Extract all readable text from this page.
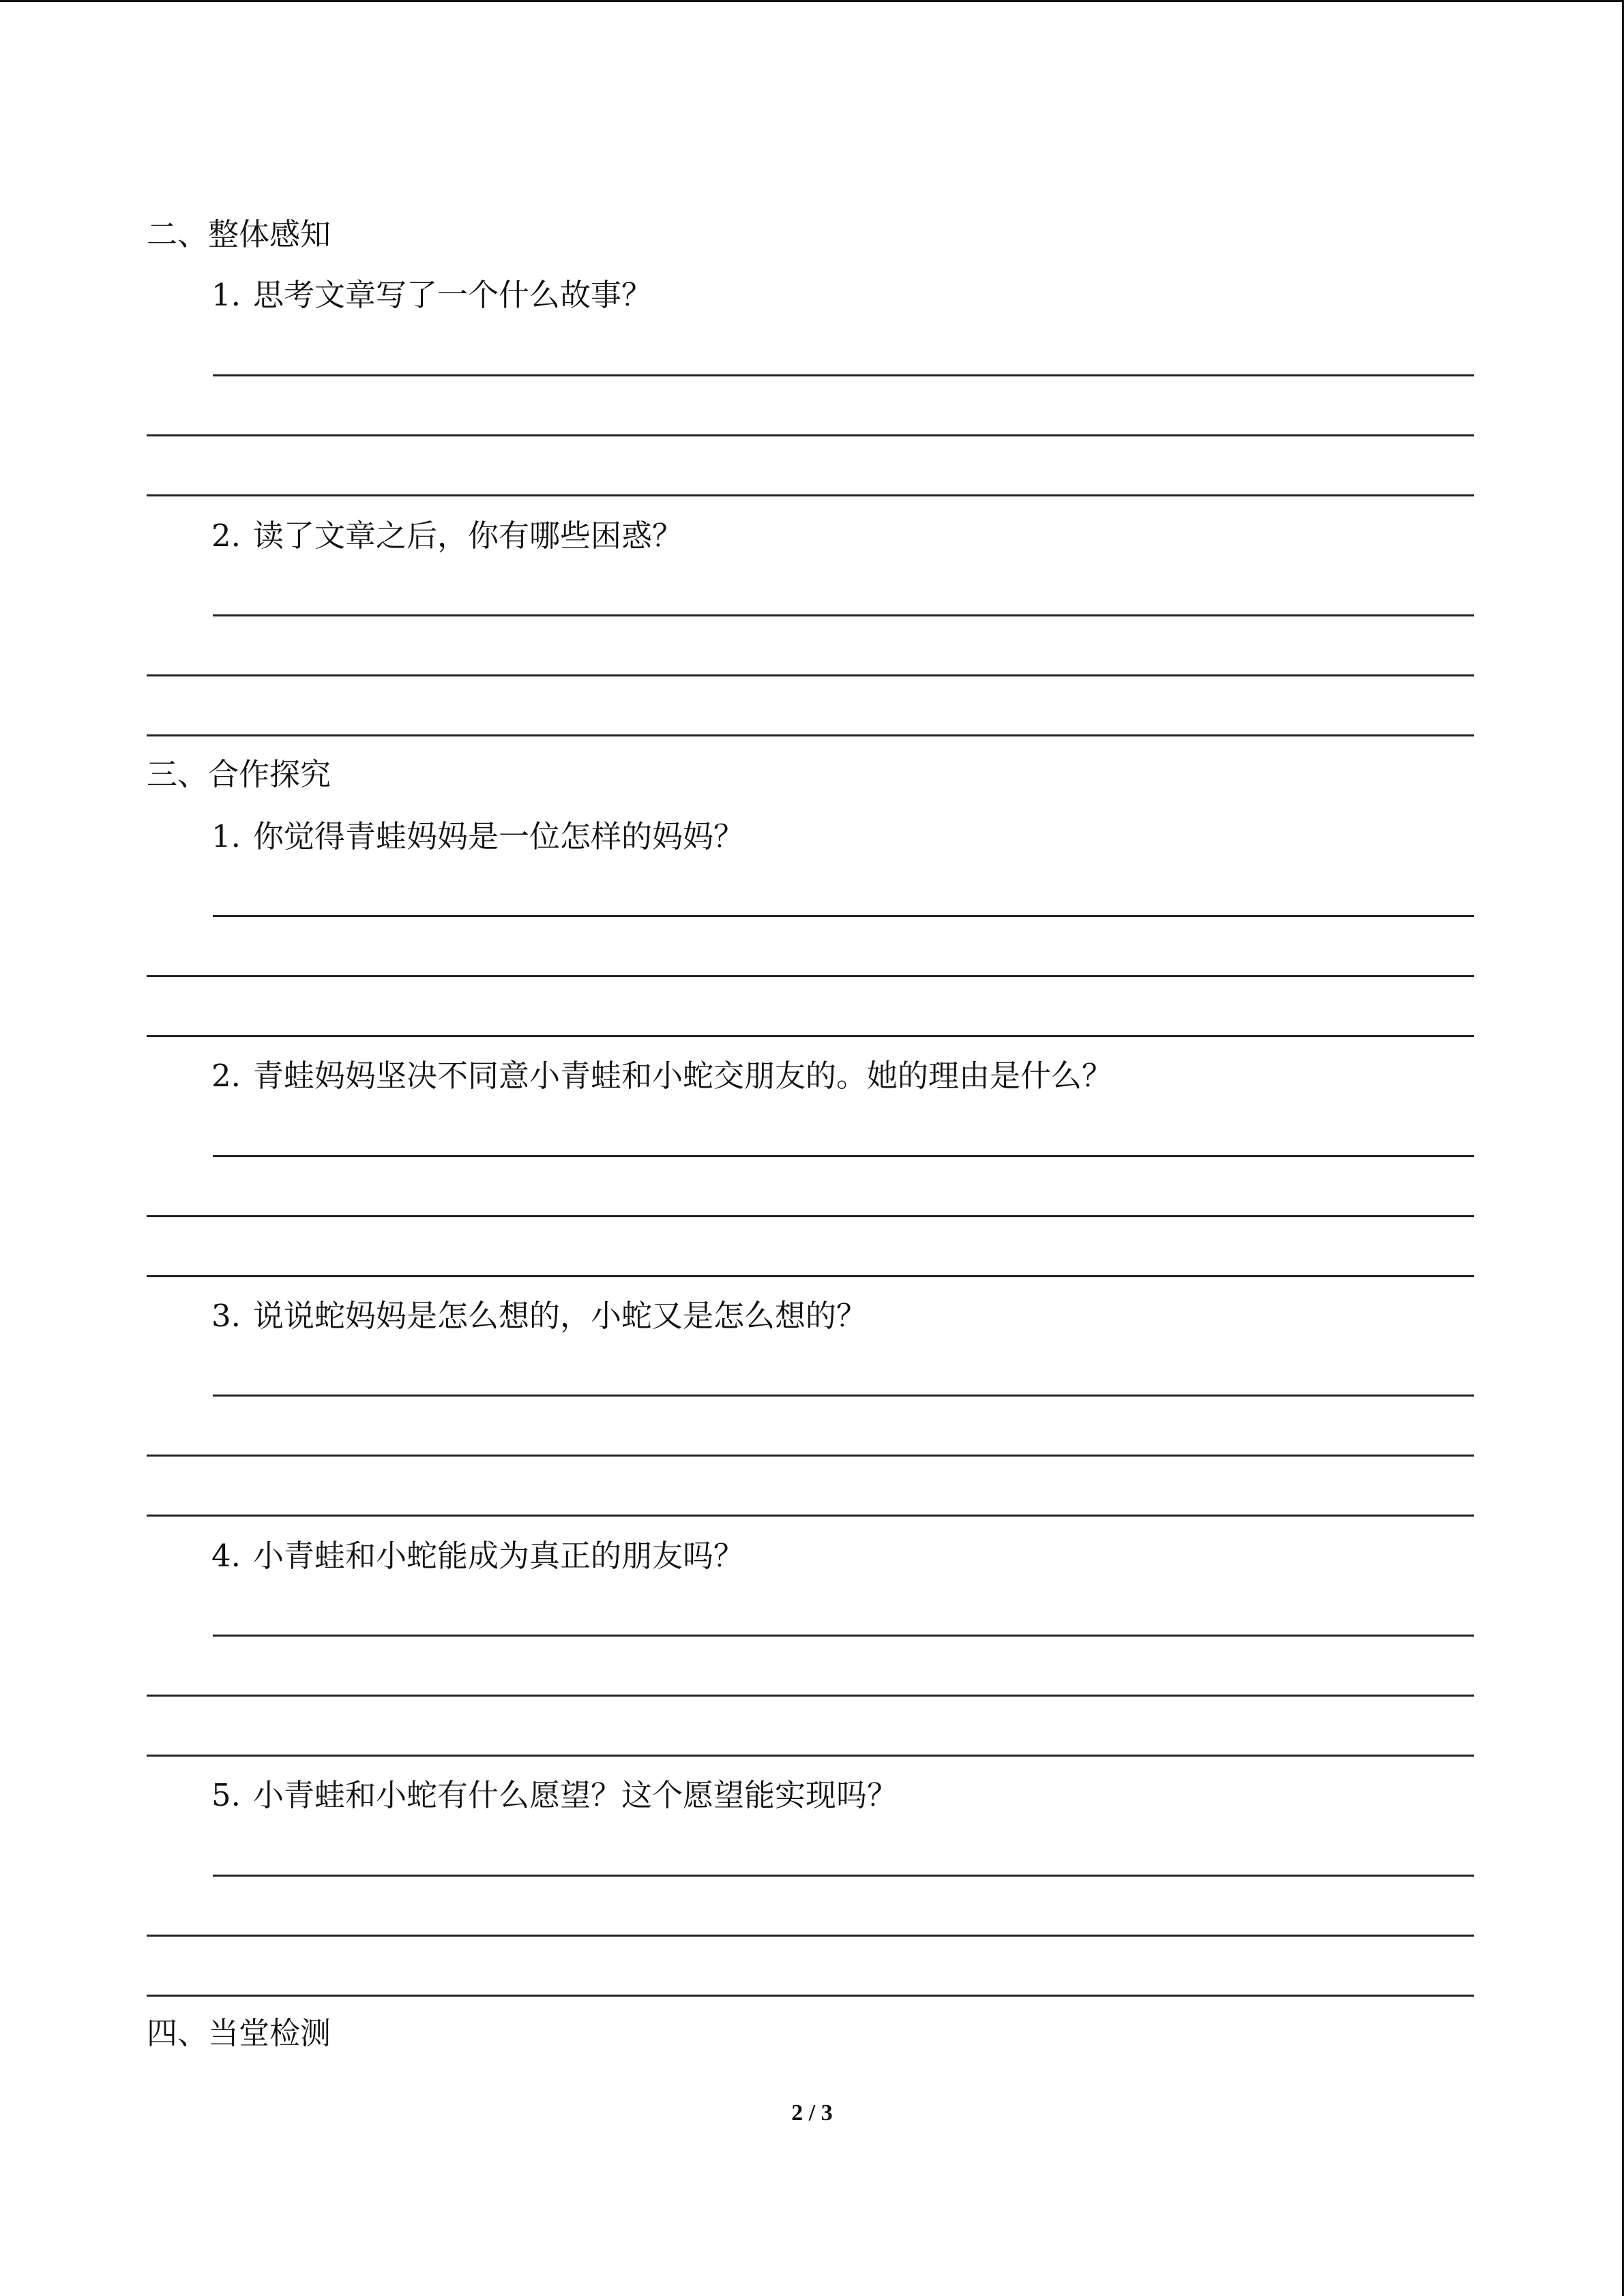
二、整体感知
1. 思考文章写了一个什么故事？
2. 读了文章之后，你有哪些困惑？
三、合作探究
1. 你觉得青蛙妈妈是一位怎样的妈妈？
2. 青蛙妈妈坚决不同意小青蛙和小蛇交朋友的。她的理由是什么？
3. 说说蛇妈妈是怎么想的，小蛇又是怎么想的？
4. 小青蛙和小蛇能成为真正的朋友吗？
5. 小青蛙和小蛇有什么愿望？这个愿望能实现吗？
四、当堂检测
2 / 3
